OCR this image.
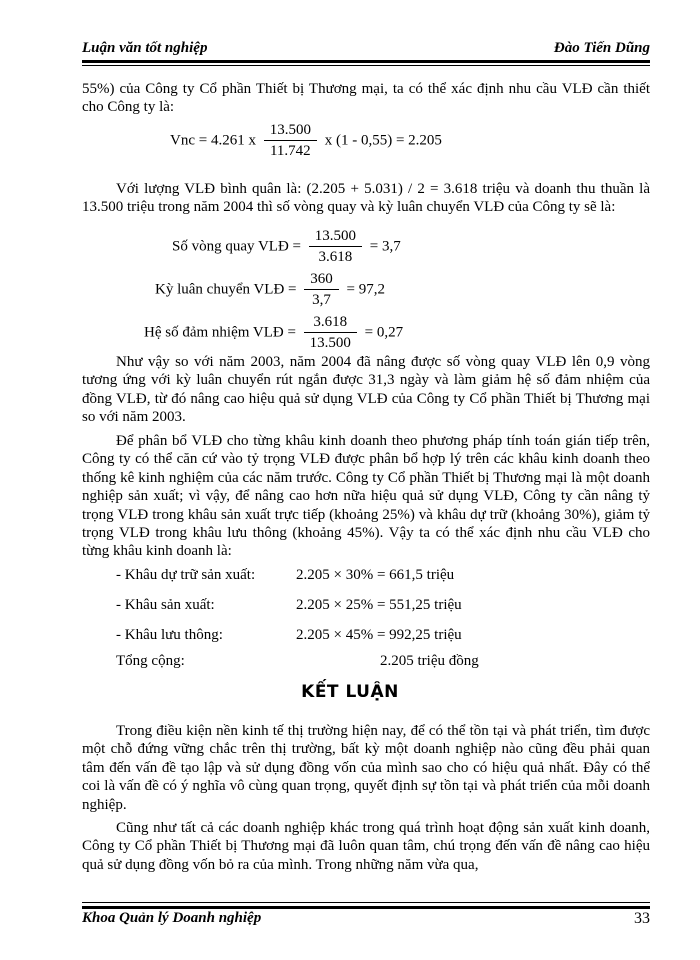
Luận văn tốt nghiệp	Đào Tiến Dũng

55%) của Công ty Cổ phần Thiết bị Thương mại, ta có thể xác định nhu cầu VLĐ cần thiết cho Công ty là:

Vnc = 4.261 x $\frac{13.500}{11.742}$ x (1 - 0,55) = 2.205

Với lượng VLĐ bình quân là: (2.205 + 5.031) / 2 = 3.618 triệu và doanh thu thuần là 13.500 triệu trong năm 2004 thì số vòng quay và kỳ luân chuyển VLĐ của Công ty sẽ là:

Số vòng quay VLĐ = $\frac{13.500}{3.618} = 3,7$
Kỳ luân chuyển VLĐ = $\frac{360}{3,7} = 97,2$
Hệ số đảm nhiệm VLĐ = $\frac{3.618}{13.500} = 0,27$

Như vậy so với năm 2003, năm 2004 đã nâng được số vòng quay VLĐ lên 0,9 vòng tương ứng với kỳ luân chuyển rút ngắn được 31,3 ngày và làm giảm hệ số đảm nhiệm của đồng VLĐ, từ đó nâng cao hiệu quả sử dụng VLĐ của Công ty Cổ phần Thiết bị Thương mại so với năm 2003.

Để phân bổ VLĐ cho từng khâu kinh doanh theo phương pháp tính toán gián tiếp trên, Công ty có thể căn cứ vào tỷ trọng VLĐ được phân bổ hợp lý trên các khâu kinh doanh theo thống kê kinh nghiệm của các năm trước. Công ty Cổ phần Thiết bị Thương mại là một doanh nghiệp sản xuất; vì vậy, để nâng cao hơn nữa hiệu quả sử dụng VLĐ, Công ty cần nâng tỷ trọng VLĐ trong khâu sản xuất trực tiếp (khoảng 25%) và khâu dự trữ (khoảng 30%), giảm tỷ trọng VLĐ trong khâu lưu thông (khoảng 45%). Vậy ta có thể xác định nhu cầu VLĐ cho từng khâu kinh doanh là:

- Khâu dự trữ sản xuất:	2.205 × 30% = 661,5 triệu
- Khâu sản xuất:	2.205 × 25% = 551,25 triệu
- Khâu lưu thông:	2.205 × 45% = 992,25 triệu
Tổng cộng:	2.205 triệu đồng
KẾT LUẬN

Trong điều kiện nền kinh tế thị trường hiện nay, để có thể tồn tại và phát triển, tìm được một chỗ đứng vững chắc trên thị trường, bất kỳ một doanh nghiệp nào cũng đều phải quan tâm đến vấn đề tạo lập và sử dụng đồng vốn của mình sao cho có hiệu quả nhất. Đây có thể coi là vấn đề có ý nghĩa vô cùng quan trọng, quyết định sự tồn tại và phát triển của mỗi doanh nghiệp.

Cũng như tất cả các doanh nghiệp khác trong quá trình hoạt động sản xuất kinh doanh, Công ty Cổ phần Thiết bị Thương mại đã luôn quan tâm, chú trọng đến vấn đề nâng cao hiệu quả sử dụng đồng vốn bỏ ra của mình. Trong những năm vừa qua,

Khoa Quản lý Doanh nghiệp	33
